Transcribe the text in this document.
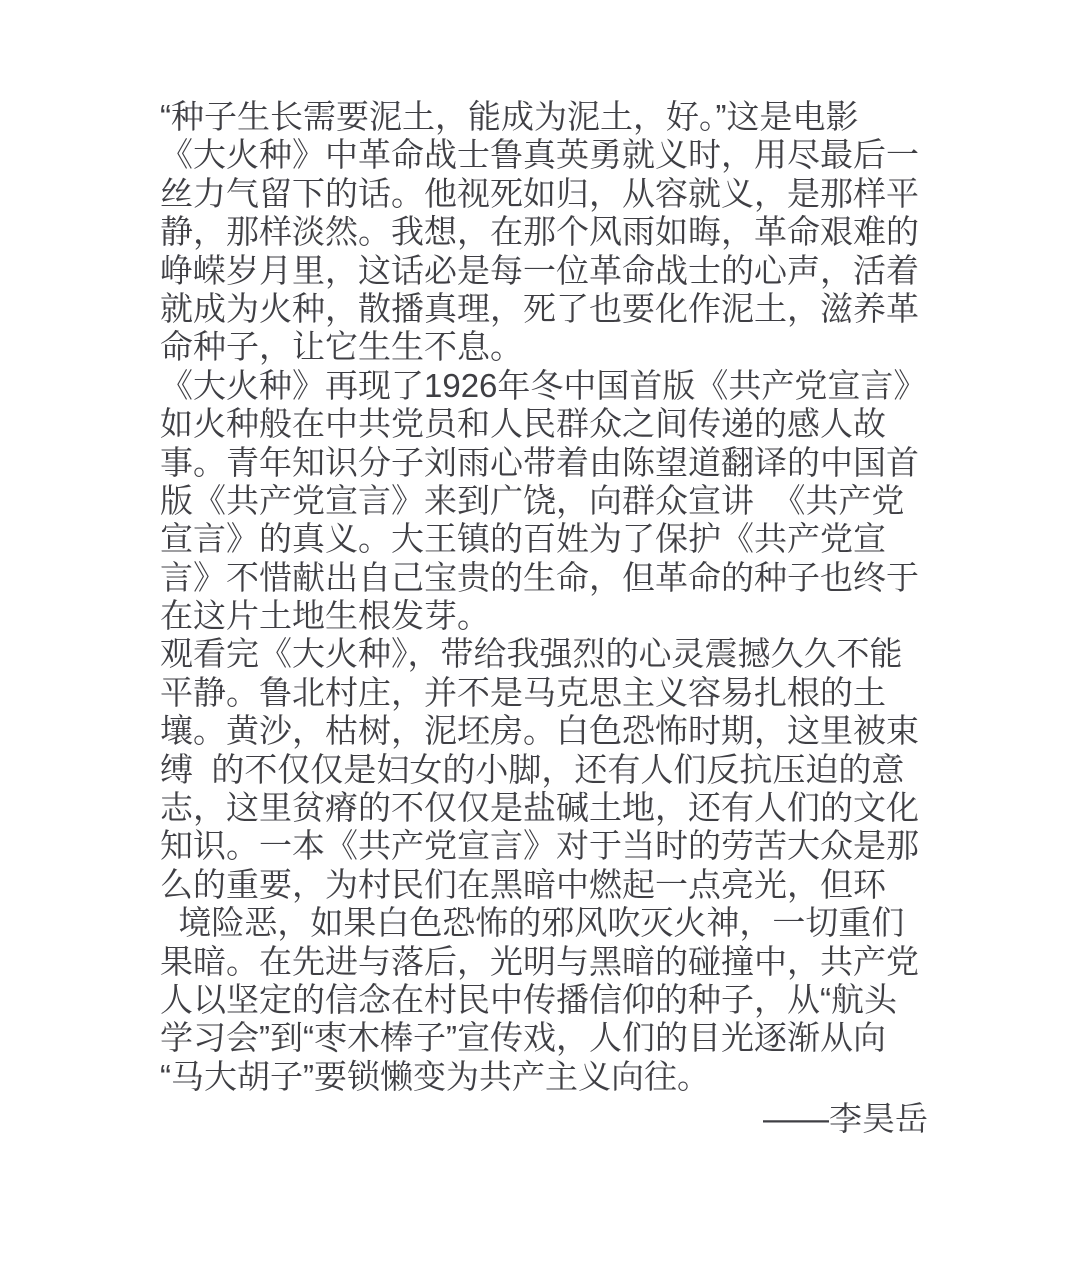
“种子生长需要泥土，能成为泥土，好。”这是电影
《大火种》中革命战士鲁真英勇就义时，用尽最后一
丝力气留下的话。他视死如归，从容就义，是那样平
静，那样淡然。我想，在那个风雨如晦，革命艰难的
峥嵘岁月里，这话必是每一位革命战士的心声，活着
就成为火种，散播真理，死了也要化作泥土，滋养革
命种子，让它生生不息。
《大火种》再现了1926年冬中国首版《共产党宣言》
如火种般在中共党员和人民群众之间传递的感人故
事。青年知识分子刘雨心带着由陈望道翻译的中国首
版《共产党宣言》来到广饶，向群众宣讲  《共产党
宣言》的真义。大王镇的百姓为了保护《共产党宣
言》不惜献出自己宝贵的生命，但革命的种子也终于
在这片土地生根发芽。
观看完《大火种》，带给我强烈的心灵震撼久久不能
平静。鲁北村庄，并不是马克思主义容易扎根的土
壤。黄沙，枯树，泥坯房。白色恐怖时期，这里被束
缚  的不仅仅是妇女的小脚，还有人们反抗压迫的意
志，这里贫瘠的不仅仅是盐碱土地，还有人们的文化
知识。一本《共产党宣言》对于当时的劳苦大众是那
么的重要，为村民们在黑暗中燃起一点亮光，但环
境险恶，如果白色恐怖的邪风吹灭火神，一切重们
果暗。在先进与落后，光明与黑暗的碰撞中，共产党
人以坚定的信念在村民中传播信仰的种子，从“航头
学习会”到“枣木棒子”宣传戏，人们的目光逐渐从向
“马大胡子”要锁懒变为共产主义向往。
——李昊岳
